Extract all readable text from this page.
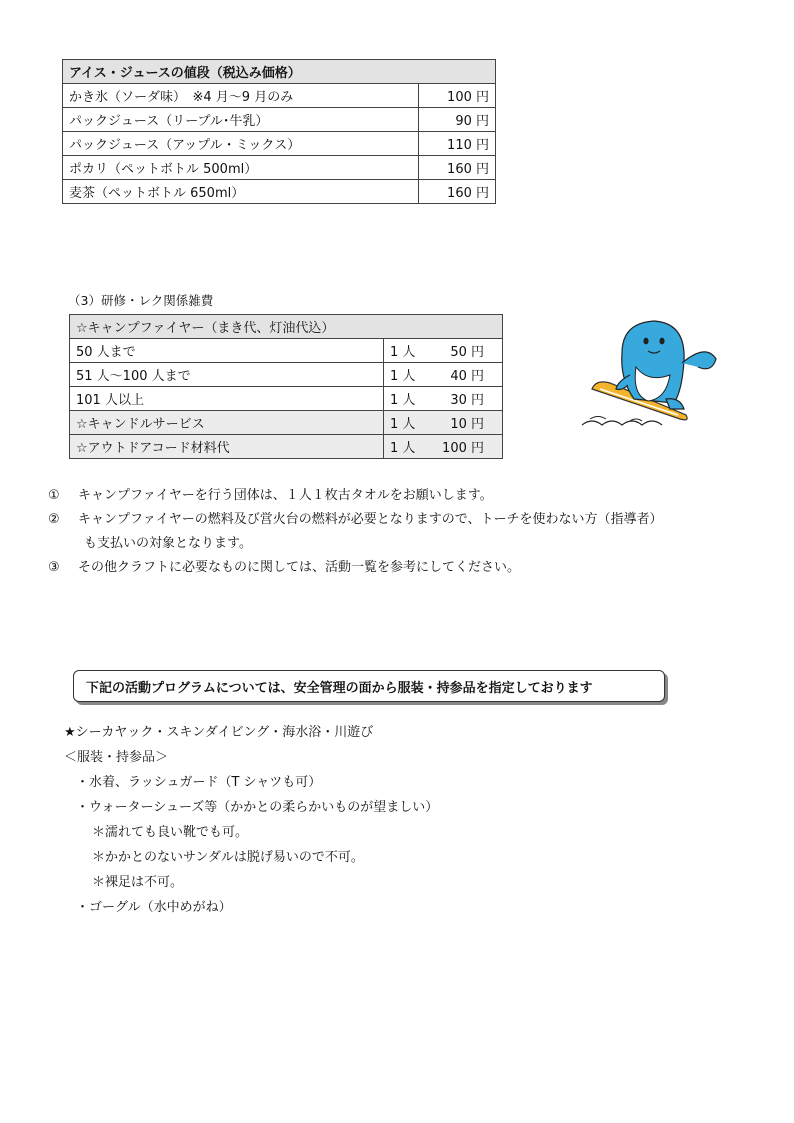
アイス・ジュースの値段（税込み価格）	
かき氷（ソーダ味）　※4 月～9 月のみ	100 円
パックジュース（リープル･牛乳）	90 円
パックジュース（アップル・ミックス）	110 円
ポカリ（ペットボトル 500ml）	160 円
麦茶（ペットボトル 650ml）	160 円
（3）研修・レク関係雑費
☆キャンプファイヤー（まき代、灯油代込）	
50 人まで	1 人 50 円
51 人～100 人まで	1 人 40 円
101 人以上	1 人 30 円
☆キャンドルサービス	1 人 10 円
☆アウトドアコード材料代	1 人 100 円
① キャンプファイヤーを行う団体は、１人１枚古タオルをお願いします。
② キャンプファイヤーの燃料及び営火台の燃料が必要となりますので、トーチを使わない方（指導者）
も支払いの対象となります。
③ その他クラフトに必要なものに関しては、活動一覧を参考にしてください。
下記の活動プログラムについては、安全管理の面から服装・持参品を指定しております
★シーカヤック・スキンダイビング・海水浴・川遊び
＜服装・持参品＞
・水着、ラッシュガード（T シャツも可）
・ウォーターシューズ等（かかとの柔らかいものが望ましい）
＊濡れても良い靴でも可。
＊かかとのないサンダルは脱げ易いので不可。
＊裸足は不可。
・ゴーグル（水中めがね）
